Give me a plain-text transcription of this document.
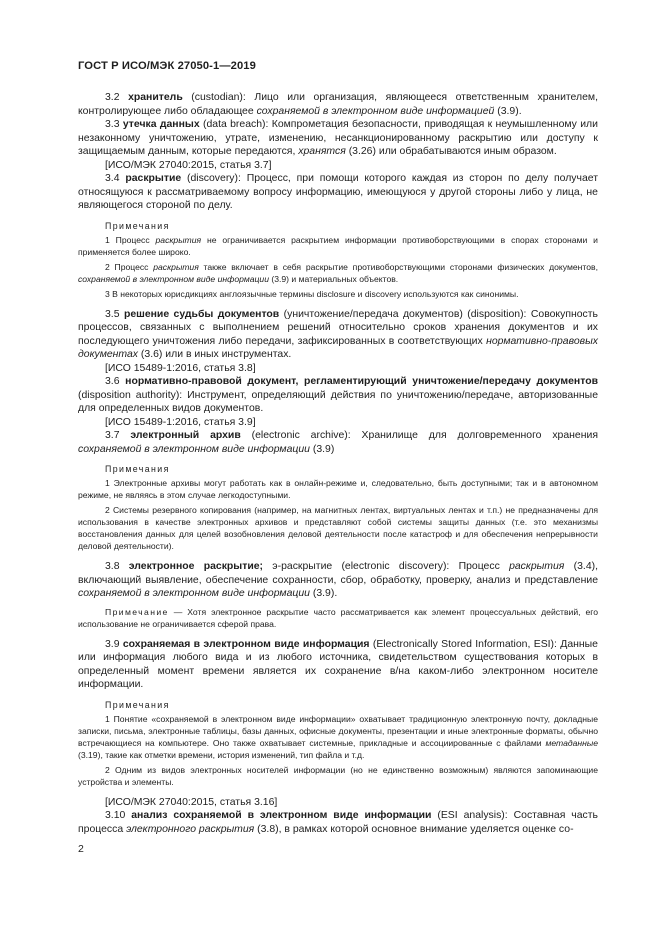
ГОСТ Р ИСО/МЭК 27050-1—2019

3.2 хранитель (custodian): Лицо или организация, являющееся ответственным хранителем, контролирующее либо обладающее сохраняемой в электронном виде информацией (3.9).

3.3 утечка данных (data breach): Компрометация безопасности, приводящая к неумышленному или незаконному уничтожению, утрате, изменению, несанкционированному раскрытию или доступу к защищаемым данным, которые передаются, хранятся (3.26) или обрабатываются иным образом.

[ИСО/МЭК 27040:2015, статья 3.7]

3.4 раскрытие (discovery): Процесс, при помощи которого каждая из сторон по делу получает относящуюся к рассматриваемому вопросу информацию, имеющуюся у другой стороны либо у лица, не являющегося стороной по делу.

Примечания

1 Процесс раскрытия не ограничивается раскрытием информации противоборствующими в спорах сторонами и применяется более широко.

2 Процесс раскрытия также включает в себя раскрытие противоборствующими сторонами физических документов, сохраняемой в электронном виде информации (3.9) и материальных объектов.

3 В некоторых юрисдикциях англоязычные термины disclosure и discovery используются как синонимы.

3.5 решение судьбы документов (уничтожение/передача документов) (disposition): Совокупность процессов, связанных с выполнением решений относительно сроков хранения документов и их последующего уничтожения либо передачи, зафиксированных в соответствующих нормативно-правовых документах (3.6) или в иных инструментах.

[ИСО 15489-1:2016, статья 3.8]

3.6 нормативно-правовой документ, регламентирующий уничтожение/передачу документов (disposition authority): Инструмент, определяющий действия по уничтожению/передаче, авторизованные для определенных видов документов.

[ИСО 15489-1:2016, статья 3.9]

3.7 электронный архив (electronic archive): Хранилище для долговременного хранения сохраняемой в электронном виде информации (3.9)

Примечания

1 Электронные архивы могут работать как в онлайн-режиме и, следовательно, быть доступными; так и в автономном режиме, не являясь в этом случае легкодоступными.

2 Системы резервного копирования (например, на магнитных лентах, виртуальных лентах и т.п.) не предназначены для использования в качестве электронных архивов и представляют собой системы защиты данных (т.е. это механизмы восстановления данных для целей возобновления деловой деятельности после катастроф и для обеспечения непрерывности деловой деятельности).

3.8 электронное раскрытие; э-раскрытие (electronic discovery): Процесс раскрытия (3.4), включающий выявление, обеспечение сохранности, сбор, обработку, проверку, анализ и представление сохраняемой в электронном виде информации (3.9).

Примечание — Хотя электронное раскрытие часто рассматривается как элемент процессуальных действий, его использование не ограничивается сферой права.

3.9 сохраняемая в электронном виде информация (Electronically Stored Information, ESI): Данные или информация любого вида и из любого источника, свидетельством существования которых в определенный момент времени является их сохранение в/на каком-либо электронном носителе информации.

Примечания

1 Понятие «сохраняемой в электронном виде информации» охватывает традиционную электронную почту, докладные записки, письма, электронные таблицы, базы данных, офисные документы, презентации и иные электронные форматы, обычно встречающиеся на компьютере. Оно также охватывает системные, прикладные и ассоциированные с файлами метаданные (3.19), такие как отметки времени, история изменений, тип файла и т.д.

2 Одним из видов электронных носителей информации (но не единственно возможным) являются запоминающие устройства и элементы.

[ИСО/МЭК 27040:2015, статья 3.16]

3.10 анализ сохраняемой в электронном виде информации (ESI analysis): Составная часть процесса электронного раскрытия (3.8), в рамках которой основное внимание уделяется оценке со-

2
